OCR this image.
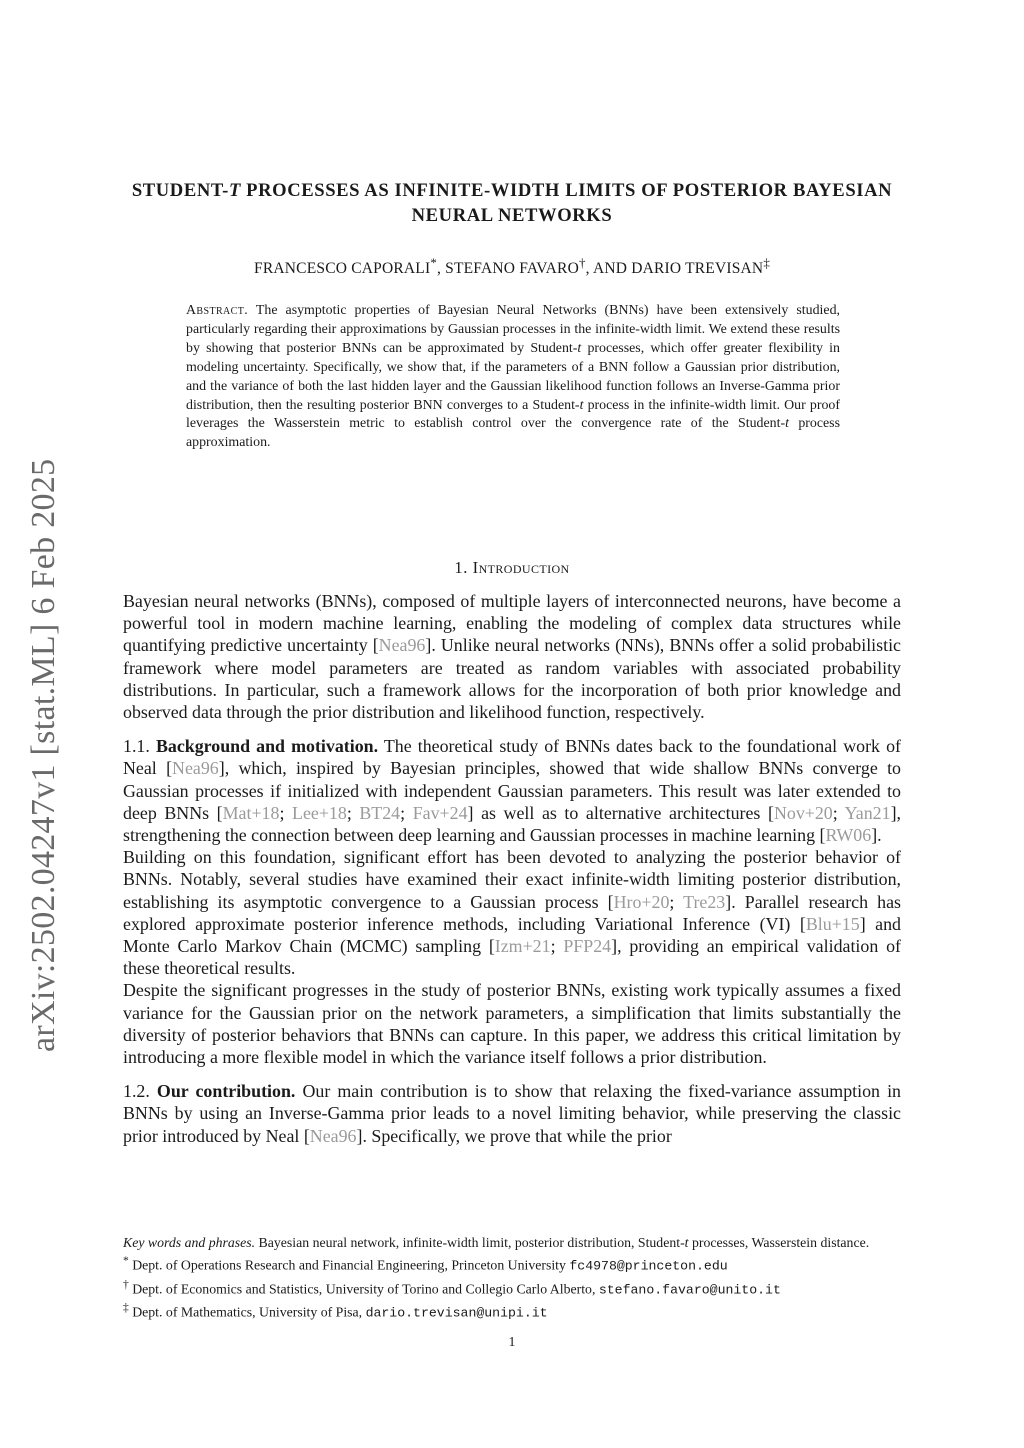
arXiv:2502.04247v1 [stat.ML] 6 Feb 2025
STUDENT-T PROCESSES AS INFINITE-WIDTH LIMITS OF POSTERIOR BAYESIAN NEURAL NETWORKS
FRANCESCO CAPORALI*, STEFANO FAVARO†, AND DARIO TREVISAN‡
Abstract. The asymptotic properties of Bayesian Neural Networks (BNNs) have been extensively studied, particularly regarding their approximations by Gaussian processes in the infinite-width limit. We extend these results by showing that posterior BNNs can be approximated by Student-t processes, which offer greater flexibility in modeling uncertainty. Specifically, we show that, if the parameters of a BNN follow a Gaussian prior distribution, and the variance of both the last hidden layer and the Gaussian likelihood function follows an Inverse-Gamma prior distribution, then the resulting posterior BNN converges to a Student-t process in the infinite-width limit. Our proof leverages the Wasserstein metric to establish control over the convergence rate of the Student-t process approximation.
1. Introduction

Bayesian neural networks (BNNs), composed of multiple layers of interconnected neurons, have become a powerful tool in modern machine learning, enabling the modeling of complex data structures while quantifying predictive uncertainty [Nea96]. Unlike neural networks (NNs), BNNs offer a solid probabilistic framework where model parameters are treated as random variables with associated probability distributions. In particular, such a framework allows for the incorporation of both prior knowledge and observed data through the prior distribution and likelihood function, respectively.

1.1. Background and motivation. The theoretical study of BNNs dates back to the foundational work of Neal [Nea96], which, inspired by Bayesian principles, showed that wide shallow BNNs converge to Gaussian processes if initialized with independent Gaussian parameters. This result was later extended to deep BNNs [Mat+18; Lee+18; BT24; Fav+24] as well as to alternative architectures [Nov+20; Yan21], strengthening the connection between deep learning and Gaussian processes in machine learning [RW06].

Building on this foundation, significant effort has been devoted to analyzing the posterior behavior of BNNs. Notably, several studies have examined their exact infinite-width limiting posterior distribution, establishing its asymptotic convergence to a Gaussian process [Hro+20; Tre23]. Parallel research has explored approximate posterior inference methods, including Variational Inference (VI) [Blu+15] and Monte Carlo Markov Chain (MCMC) sampling [Izm+21; PFP24], providing an empirical validation of these theoretical results.

Despite the significant progresses in the study of posterior BNNs, existing work typically assumes a fixed variance for the Gaussian prior on the network parameters, a simplification that limits substantially the diversity of posterior behaviors that BNNs can capture. In this paper, we address this critical limitation by introducing a more flexible model in which the variance itself follows a prior distribution.

1.2. Our contribution. Our main contribution is to show that relaxing the fixed-variance assumption in BNNs by using an Inverse-Gamma prior leads to a novel limiting behavior, while preserving the classic prior introduced by Neal [Nea96]. Specifically, we prove that while the prior

Key words and phrases. Bayesian neural network, infinite-width limit, posterior distribution, Student-t processes, Wasserstein distance.
* Dept. of Operations Research and Financial Engineering, Princeton University fc4978@princeton.edu
† Dept. of Economics and Statistics, University of Torino and Collegio Carlo Alberto, stefano.favaro@unito.it
‡ Dept. of Mathematics, University of Pisa, dario.trevisan@unipi.it
1
